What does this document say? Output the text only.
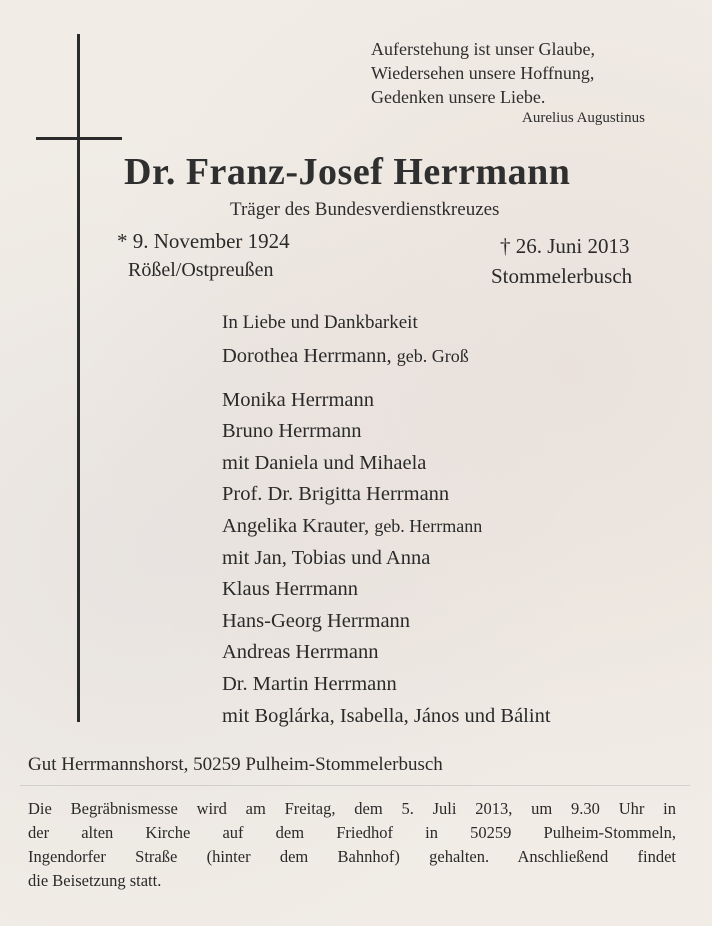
Auferstehung ist unser Glaube,
Wiedersehen unsere Hoffnung,
Gedenken unsere Liebe.
Aurelius Augustinus
Dr. Franz-Josef Herrmann
Träger des Bundesverdienstkreuzes
* 9. November 1924
Rößel/Ostpreußen
† 26. Juni 2013
Stommelerbusch
In Liebe und Dankbarkeit
Dorothea Herrmann, geb. Groß
Monika Herrmann
Bruno Herrmann
mit Daniela und Mihaela
Prof. Dr. Brigitta Herrmann
Angelika Krauter, geb. Herrmann
mit Jan, Tobias und Anna
Klaus Herrmann
Hans-Georg Herrmann
Andreas Herrmann
Dr. Martin Herrmann
mit Boglárka, Isabella, János und Bálint
Gut Herrmannshorst, 50259 Pulheim-Stommelerbusch
Die Begräbnismesse wird am Freitag, dem 5. Juli 2013, um 9.30 Uhr in
der alten Kirche auf dem Friedhof in 50259 Pulheim-Stommeln,
Ingendorfer Straße (hinter dem Bahnhof) gehalten. Anschließend findet
die Beisetzung statt.
